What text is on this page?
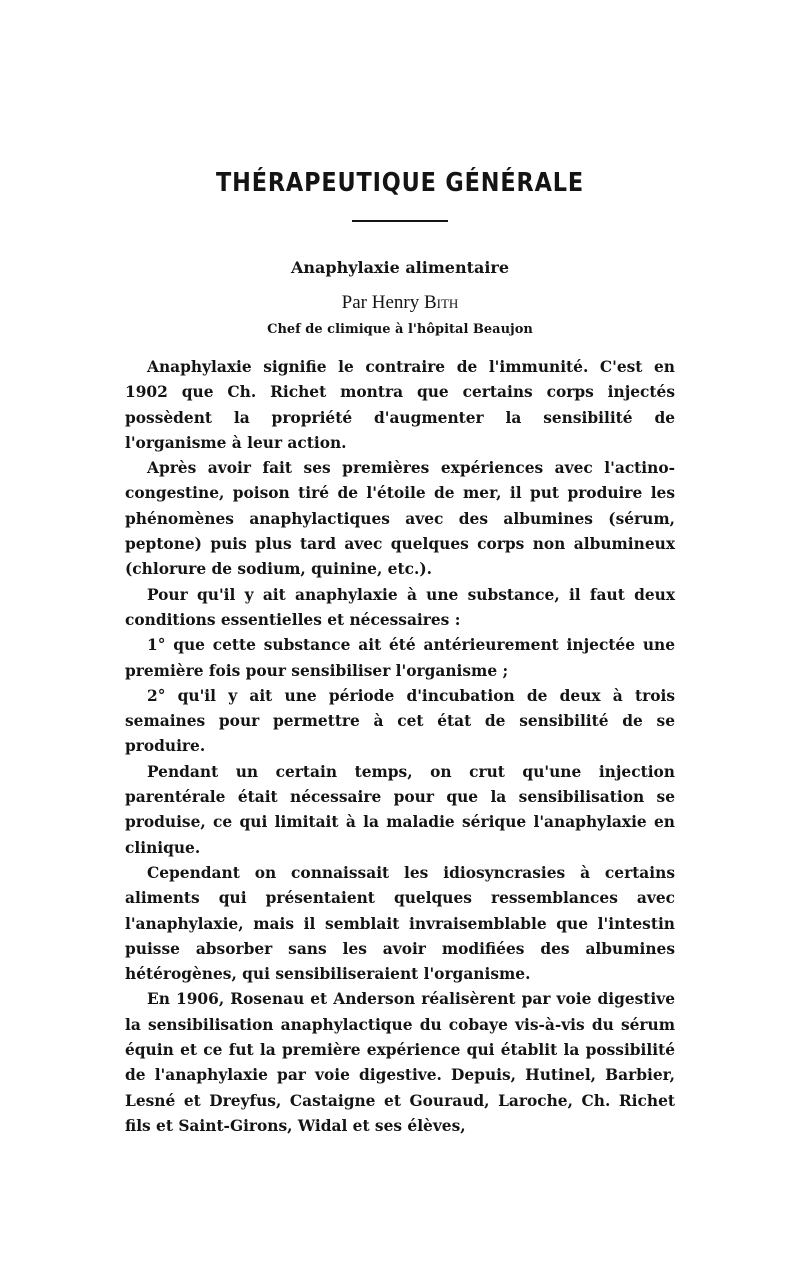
THÉRAPEUTIQUE GÉNÉRALE
Anaphylaxie alimentaire
Par Henry Bith
Chef de climique à l'hôpital Beaujon

Anaphylaxie signifie le contraire de l'immunité. C'est en 1902 que Ch. Richet montra que certains corps injectés possèdent la propriété d'augmenter la sensibilité de l'organisme à leur action.

Après avoir fait ses premières expériences avec l'actino-congestine, poison tiré de l'étoile de mer, il put produire les phénomènes anaphylactiques avec des albumines (sérum, peptone) puis plus tard avec quelques corps non albumineux (chlorure de sodium, quinine, etc.).

Pour qu'il y ait anaphylaxie à une substance, il faut deux conditions essentielles et nécessaires :

1° que cette substance ait été antérieurement injectée une première fois pour sensibiliser l'organisme ;

2° qu'il y ait une période d'incubation de deux à trois semaines pour permettre à cet état de sensibilité de se produire.

Pendant un certain temps, on crut qu'une injection parentérale était nécessaire pour que la sensibilisation se produise, ce qui limitait à la maladie sérique l'anaphylaxie en clinique.

Cependant on connaissait les idiosyncrasies à certains aliments qui présentaient quelques ressemblances avec l'anaphylaxie, mais il semblait invraisemblable que l'intestin puisse absorber sans les avoir modifiées des albumines hétérogènes, qui sensibiliseraient l'organisme.

En 1906, Rosenau et Anderson réalisèrent par voie digestive la sensibilisation anaphylactique du cobaye vis-à-vis du sérum équin et ce fut la première expérience qui établit la possibilité de l'anaphylaxie par voie digestive. Depuis, Hutinel, Barbier, Lesné et Dreyfus, Castaigne et Gouraud, Laroche, Ch. Richet fils et Saint-Girons, Widal et ses élèves,
